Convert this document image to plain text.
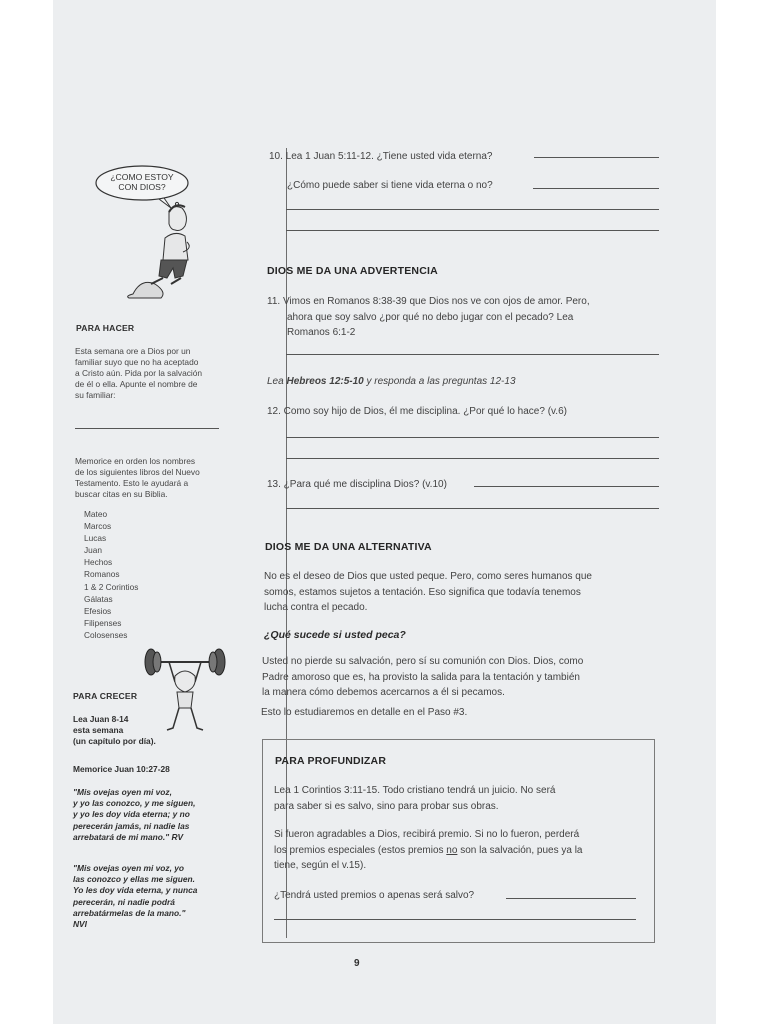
¿COMO ESTOY
CON DIOS?
PARA HACER
Esta semana ore a Dios por un
familiar suyo que no ha aceptado
a Cristo aún. Pida por la salvación
de él o ella. Apunte el nombre de
su familiar:
Memorice en orden los nombres
de los siguientes libros del Nuevo
Testamento. Esto le ayudará a
buscar citas en su Biblia.
Mateo
Marcos
Lucas
Juan
Hechos
Romanos
1 & 2 Corintios
Gálatas
Efesios
Filipenses
Colosenses
PARA CRECER
Lea Juan 8-14
esta semana
(un capítulo por día).
Memorice Juan 10:27-28
"Mis ovejas oyen mi voz,
y yo las conozco, y me siguen,
y yo les doy vida eterna; y no
perecerán jamás, ni nadie las
arrebatará de mi mano." RV
"Mis ovejas oyen mi voz, yo
las conozco y ellas me siguen.
Yo les doy vida eterna, y nunca
perecerán, ni nadie podrá
arrebatármelas de la mano."
NVI
10. Lea 1 Juan 5:11-12. ¿Tiene usted vida eterna?
¿Cómo puede saber si tiene vida eterna o no?
DIOS ME DA UNA ADVERTENCIA
11. Vimos en Romanos 8:38-39 que Dios nos ve con ojos de amor. Pero,
ahora que soy salvo ¿por qué no debo jugar con el pecado? Lea
Romanos 6:1-2
Lea Hebreos 12:5-10 y responda a las preguntas 12-13
12. Como soy hijo de Dios, él me disciplina. ¿Por qué lo hace? (v.6)
13. ¿Para qué me disciplina Dios? (v.10)
DIOS ME DA UNA ALTERNATIVA
No es el deseo de Dios que usted peque. Pero, como seres humanos que
somos, estamos sujetos a tentación. Eso significa que todavía tenemos
lucha contra el pecado.
¿Qué sucede si usted peca?
Usted no pierde su salvación, pero sí su comunión con Dios. Dios, como
Padre amoroso que es, ha provisto la salida para la tentación y también
la manera cómo debemos acercarnos a él si pecamos.
Esto lo estudiaremos en detalle en el Paso #3.
PARA PROFUNDIZAR
Lea 1 Corintios 3:11-15. Todo cristiano tendrá un juicio. No será
para saber si es salvo, sino para probar sus obras.
Si fueron agradables a Dios, recibirá premio. Si no lo fueron, perderá
los premios especiales (estos premios no son la salvación, pues ya la
tiene, según el v.15).
¿Tendrá usted premios o apenas será salvo?
9
